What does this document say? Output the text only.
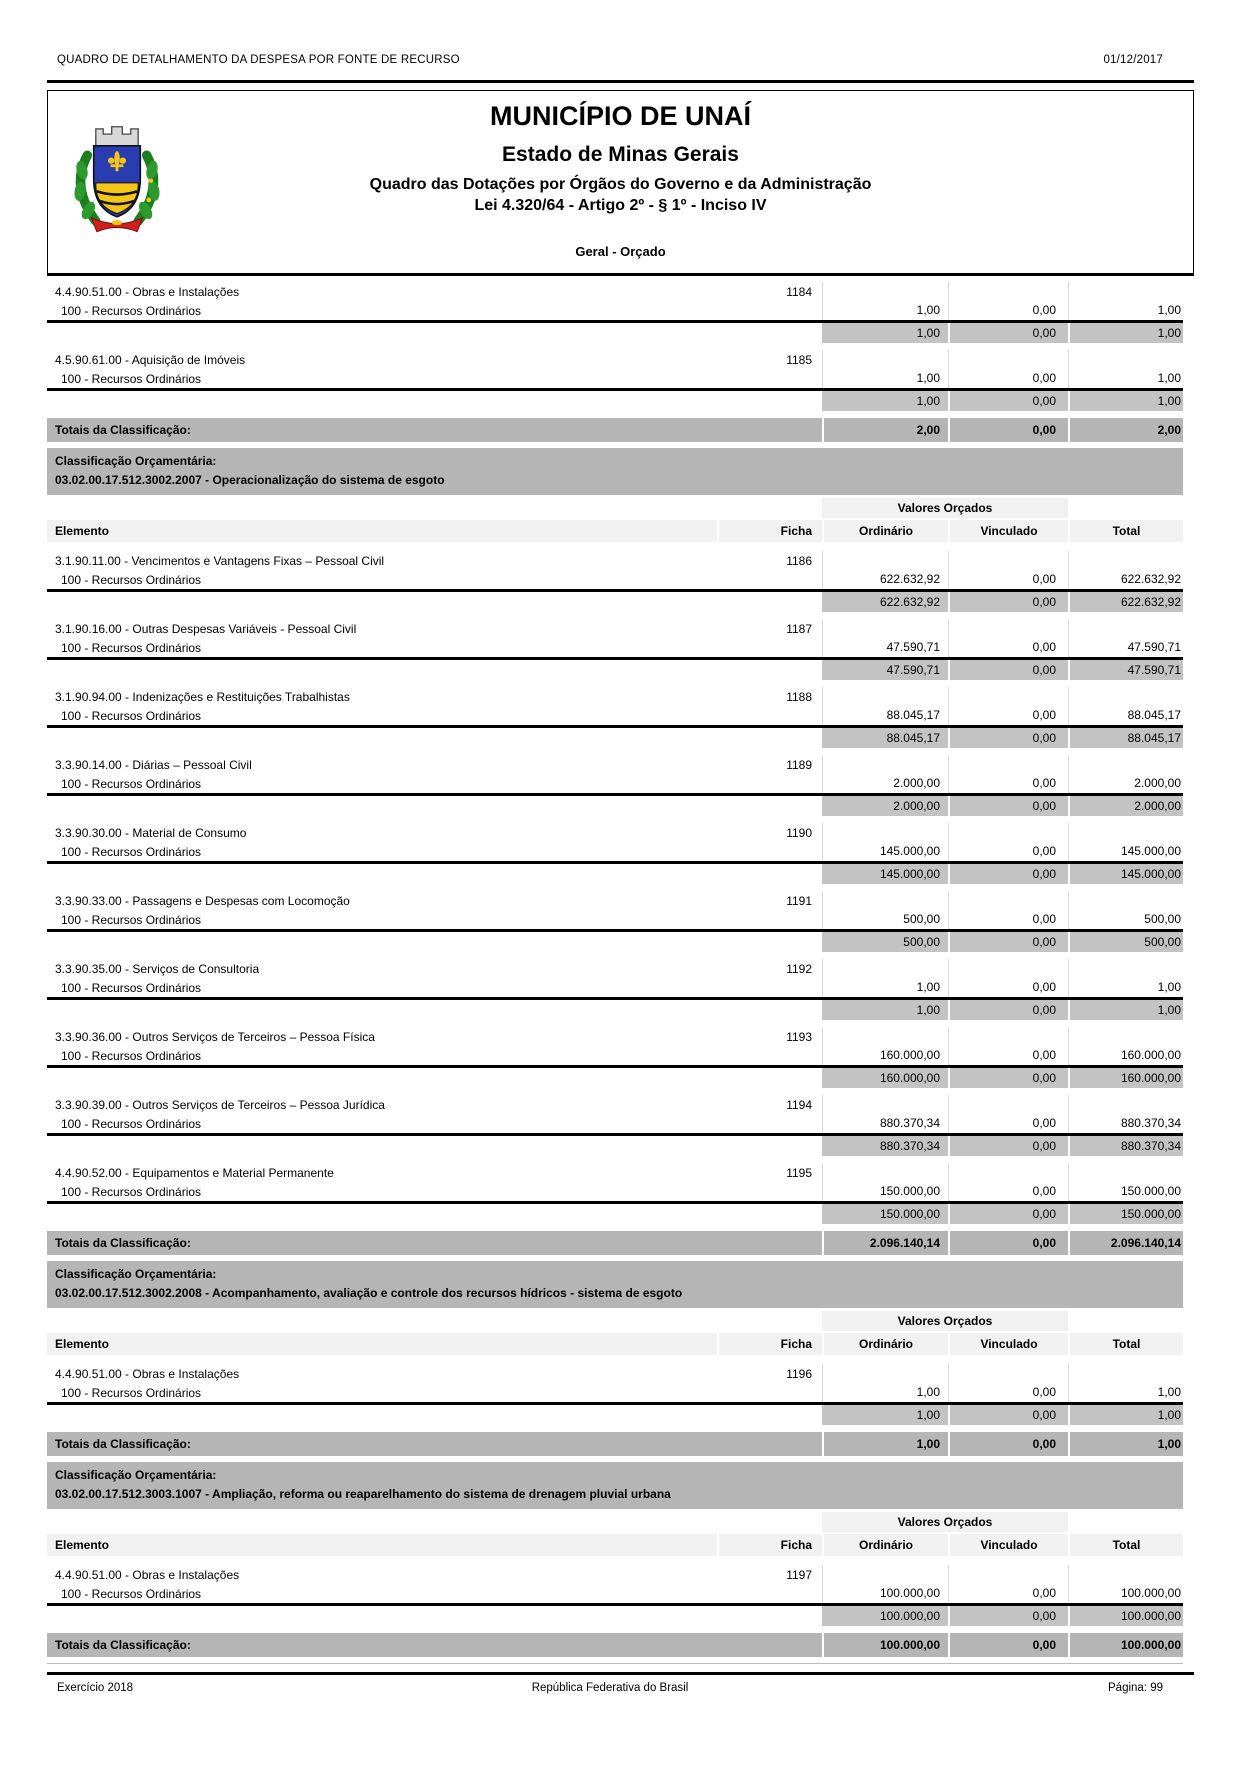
QUADRO DE DETALHAMENTO DA DESPESA POR FONTE DE RECURSO	01/12/2017
MUNICÍPIO DE UNAÍ
Estado de Minas Gerais
Quadro das Dotações por Órgãos do Governo e da Administração
Lei 4.320/64 - Artigo 2º - § 1º - Inciso IV
Geral - Orçado
4.4.90.51.00 - Obras e Instalações	1184
100 - Recursos Ordinários	1,00	0,00	1,00
1,00	0,00	1,00
4.5.90.61.00 - Aquisição de Imóveis	1185
100 - Recursos Ordinários	1,00	0,00	1,00
1,00	0,00	1,00
Totais da Classificação:	2,00	0,00	2,00
Classificação Orçamentária:
03.02.00.17.512.3002.2007 - Operacionalização do sistema de esgoto
Valores Orçados
Elemento	Ficha	Ordinário	Vinculado	Total
3.1.90.11.00 - Vencimentos e Vantagens Fixas – Pessoal Civil	1186
100 - Recursos Ordinários	622.632,92	0,00	622.632,92
622.632,92	0,00	622.632,92
3.1.90.16.00 - Outras Despesas Variáveis - Pessoal Civil	1187
100 - Recursos Ordinários	47.590,71	0,00	47.590,71
47.590,71	0,00	47.590,71
3.1.90.94.00 - Indenizações e Restituições Trabalhistas	1188
100 - Recursos Ordinários	88.045,17	0,00	88.045,17
88.045,17	0,00	88.045,17
3.3.90.14.00 - Diárias – Pessoal Civil	1189
100 - Recursos Ordinários	2.000,00	0,00	2.000,00
2.000,00	0,00	2.000,00
3.3.90.30.00 - Material de Consumo	1190
100 - Recursos Ordinários	145.000,00	0,00	145.000,00
145.000,00	0,00	145.000,00
3.3.90.33.00 - Passagens e Despesas com Locomoção	1191
100 - Recursos Ordinários	500,00	0,00	500,00
500,00	0,00	500,00
3.3.90.35.00 - Serviços de Consultoria	1192
100 - Recursos Ordinários	1,00	0,00	1,00
1,00	0,00	1,00
3.3.90.36.00 - Outros Serviços de Terceiros – Pessoa Física	1193
100 - Recursos Ordinários	160.000,00	0,00	160.000,00
160.000,00	0,00	160.000,00
3.3.90.39.00 - Outros Serviços de Terceiros – Pessoa Jurídica	1194
100 - Recursos Ordinários	880.370,34	0,00	880.370,34
880.370,34	0,00	880.370,34
4.4.90.52.00 - Equipamentos e Material Permanente	1195
100 - Recursos Ordinários	150.000,00	0,00	150.000,00
150.000,00	0,00	150.000,00
Totais da Classificação:	2.096.140,14	0,00	2.096.140,14
Classificação Orçamentária:
03.02.00.17.512.3002.2008 - Acompanhamento, avaliação e controle dos recursos hídricos - sistema de esgoto
Valores Orçados
Elemento	Ficha	Ordinário	Vinculado	Total
4.4.90.51.00 - Obras e Instalações	1196
100 - Recursos Ordinários	1,00	0,00	1,00
1,00	0,00	1,00
Totais da Classificação:	1,00	0,00	1,00
Classificação Orçamentária:
03.02.00.17.512.3003.1007 - Ampliação, reforma ou reaparelhamento do sistema de drenagem pluvial urbana
Valores Orçados
Elemento	Ficha	Ordinário	Vinculado	Total
4.4.90.51.00 - Obras e Instalações	1197
100 - Recursos Ordinários	100.000,00	0,00	100.000,00
100.000,00	0,00	100.000,00
Totais da Classificação:	100.000,00	0,00	100.000,00
Exercício 2018	República Federativa do Brasil	Página: 99
